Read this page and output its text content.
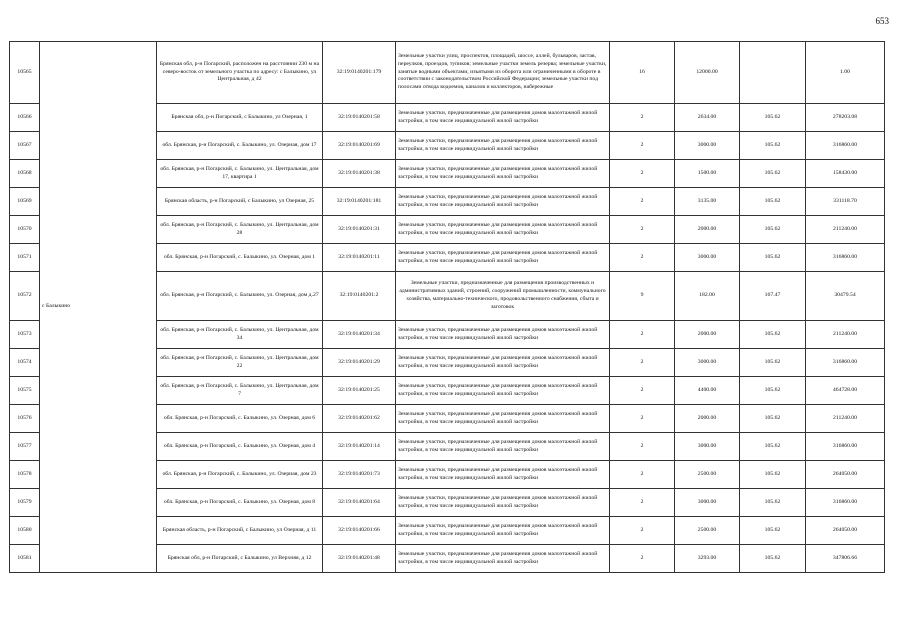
653
10565	с Балыкино	Брянская обл, р-н Погарский, расположен на расстоянии 230 м на северо-восток от земельного участка по адресу: с Балыкино, ул Центральная, д 42	32:19:0140201:179	Земельные участки улиц, проспектов, площадей, шоссе, аллей, бульваров, застав, переулков, проездов, тупиков; земельные участки земель резерва; земельные участки, занятые водными объектами, изъятыми из оборота или ограниченными в обороте в соответствии с законодательством Российской Федерации; земельные участки под полосами отвода водоемов, каналов и коллекторов, набережные	16	12000.00		1.00
10566		Брянская обл, р-н Погарский, с Балыкино, ул Озерная, 1	32:19:0140201:58	Земельные участки, предназначенные для размещения домов малоэтажной жилой застройки, в том числе индивидуальной жилой застройки	2	2634.00	105.62	278203.08
10567		обл. Брянская, р-н Погарский, с. Балыкино, ул. Озерная, дом 17	32:19:0140201:69	Земельные участки, предназначенные для размещения домов малоэтажной жилой застройки, в том числе индивидуальной жилой застройки	2	3000.00	105.62	316860.00
10568		обл. Брянская, р-н Погарский, с. Балыкино, ул. Центральная, дом 17, квартира 1	32:19:0140201:38	Земельные участки, предназначенные для размещения домов малоэтажной жилой застройки, в том числе индивидуальной жилой застройки	2	1500.00	105.62	158430.00
10569		Брянская область, р-н Погарский, с Балыкино, ул Озерная, 25	32:19:0140201:181	Земельные участки, предназначенные для размещения домов малоэтажной жилой застройки, в том числе индивидуальной жилой застройки	2	3135.00	105.62	331118.70
10570		обл. Брянская, р-н Погарский, с. Балыкино, ул. Центральная, дом 28	32:19:0140201:31	Земельные участки, предназначенные для размещения домов малоэтажной жилой застройки, в том числе индивидуальной жилой застройки	2	2000.00	105.62	211240.00
10571		обл. Брянская, р-н Погарский, с. Балыкино, ул. Озерная, дом 1	32:19:0140201:11	Земельные участки, предназначенные для размещения домов малоэтажной жилой застройки, в том числе индивидуальной жилой застройки	2	3000.00	105.62	316860.00
10572		обл. Брянская, р-н Погарский, с. Балыкино, ул. Озерная, дом д.27	32:19:0140201:2	Земельные участки, предназначенные для размещения производственных и административных зданий, строений, сооружений промышленности, коммунального хозяйства, материально-технического, продовольственного снабжения, сбыта и заготовок	9	182.00	167.47	30479.54
10573		обл. Брянская, р-н Погарский, с. Балыкино, ул. Центральная, дом 34	32:19:0140201:34	Земельные участки, предназначенные для размещения домов малоэтажной жилой застройки, в том числе индивидуальной жилой застройки	2	2000.00	105.62	211240.00
10574		обл. Брянская, р-н Погарский, с. Балыкино, ул. Центральная, дом 22	32:19:0140201:29	Земельные участки, предназначенные для размещения домов малоэтажной жилой застройки, в том числе индивидуальной жилой застройки	2	3000.00	105.62	316860.00
10575		обл. Брянская, р-н Погарский, с. Балыкино, ул. Центральная, дом 7	32:19:0140201:25	Земельные участки, предназначенные для размещения домов малоэтажной жилой застройки, в том числе индивидуальной жилой застройки	2	4400.00	105.62	464728.00
10576		обл. Брянская, р-н Погарский, с. Балыкино, ул. Озерная, дом 6	32:19:0140201:62	Земельные участки, предназначенные для размещения домов малоэтажной жилой застройки, в том числе индивидуальной жилой застройки	2	2000.00	105.62	211240.00
10577		обл. Брянская, р-н Погарский, с. Балыкино, ул. Озерная, дом 4	32:19:0140201:14	Земельные участки, предназначенные для размещения домов малоэтажной жилой застройки, в том числе индивидуальной жилой застройки	2	3000.00	105.62	316860.00
10578		обл. Брянская, р-н Погарский, с. Балыкино, ул. Озерная, дом 23	32:19:0140201:73	Земельные участки, предназначенные для размещения домов малоэтажной жилой застройки, в том числе индивидуальной жилой застройки	2	2500.00	105.62	264050.00
10579		обл. Брянская, р-н Погарский, с. Балыкино, ул. Озерная, дом 8	32:19:0140201:64	Земельные участки, предназначенные для размещения домов малоэтажной жилой застройки, в том числе индивидуальной жилой застройки	2	3000.00	105.62	316860.00
10580		Брянская область, р-н Погарский, с Балыкино, ул Озерная, д 11	32:19:0140201:66	Земельные участки, предназначенные для размещения домов малоэтажной жилой застройки, в том числе индивидуальной жилой застройки	2	2500.00	105.62	264050.00
10581		Брянская обл, р-н Погарский, с Балыкино, ул Верхняя, д 12	32:19:0140201:48	Земельные участки, предназначенные для размещения домов малоэтажной жилой застройки, в том числе индивидуальной жилой застройки	2	3293.00	105.62	347806.66
